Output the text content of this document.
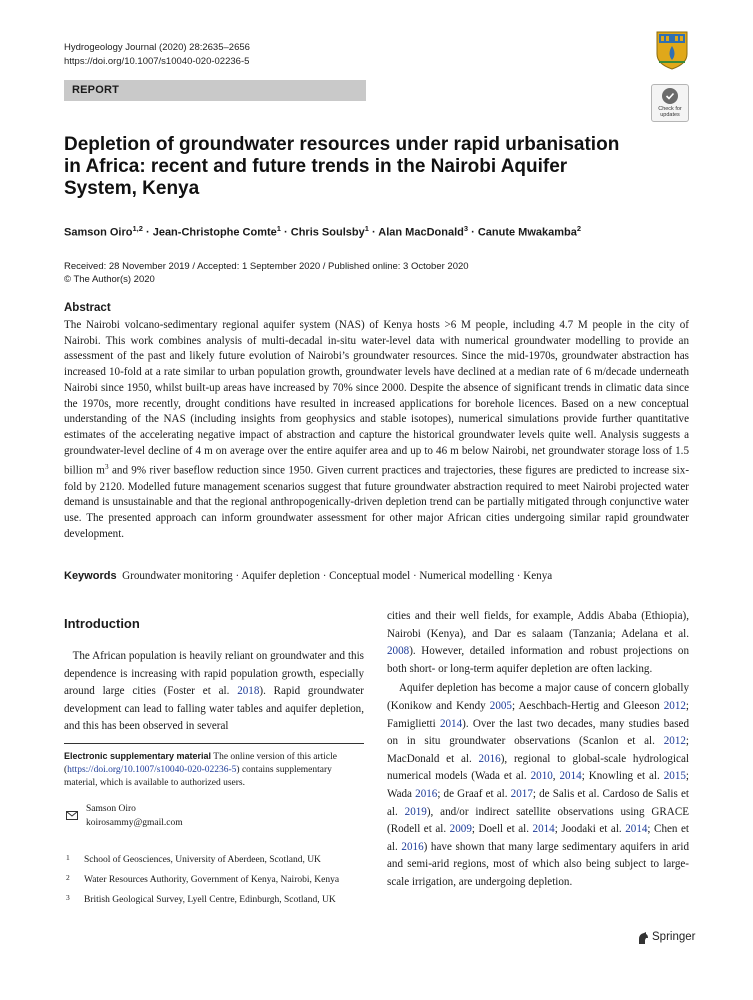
Hydrogeology Journal (2020) 28:2635–2656
https://doi.org/10.1007/s10040-020-02236-5
REPORT
Check for updates
Depletion of groundwater resources under rapid urbanisation in Africa: recent and future trends in the Nairobi Aquifer System, Kenya
Samson Oiro$^{1,2}$ · Jean-Christophe Comte$^1$ · Chris Soulsby$^1$ · Alan MacDonald$^3$ · Canute Mwakamba$^2$
Received: 28 November 2019 / Accepted: 1 September 2020 / Published online: 3 October 2020
© The Author(s) 2020
Abstract
The Nairobi volcano-sedimentary regional aquifer system (NAS) of Kenya hosts >6 M people, including 4.7 M people in the city of Nairobi. This work combines analysis of multi-decadal in-situ water-level data with numerical groundwater modelling to provide an assessment of the past and likely future evolution of Nairobi’s groundwater resources. Since the mid-1970s, groundwater abstraction has increased 10-fold at a rate similar to urban population growth, groundwater levels have declined at a median rate of 6 m/decade underneath Nairobi since 1950, whilst built-up areas have increased by 70% since 2000. Despite the absence of significant trends in climatic data since the 1970s, more recently, drought conditions have resulted in increased applications for borehole licences. Based on a new conceptual understanding of the NAS (including insights from geophysics and stable isotopes), numerical simulations provide further quantitative estimates of the accelerating negative impact of abstraction and capture the historical groundwater levels quite well. Analysis suggests a groundwater-level decline of 4 m on average over the entire aquifer area and up to 46 m below Nairobi, net groundwater storage loss of 1.5 billion $m^3$ and 9% river baseflow reduction since 1950. Given current practices and trajectories, these figures are predicted to increase six-fold by 2120. Modelled future management scenarios suggest that future groundwater abstraction required to meet Nairobi projected water demand is unsustainable and that the regional anthropogenically-driven depletion trend can be partially mitigated through conjunctive water use. The presented approach can inform groundwater assessment for other major African cities undergoing similar rapid groundwater development.
Keywords Groundwater monitoring · Aquifer depletion · Conceptual model · Numerical modelling · Kenya
Introduction
The African population is heavily reliant on groundwater and this dependence is increasing with rapid population growth, especially around large cities (Foster et al. 2018). Rapid groundwater development can lead to falling water tables and aquifer depletion, and this has been observed in several
Electronic supplementary material The online version of this article (https://doi.org/10.1007/s10040-020-02236-5) contains supplementary material, which is available to authorized users.
Samson Oiro
koirosammy@gmail.com
1 School of Geosciences, University of Aberdeen, Scotland, UK
2 Water Resources Authority, Government of Kenya, Nairobi, Kenya
3 British Geological Survey, Lyell Centre, Edinburgh, Scotland, UK

cities and their well fields, for example, Addis Ababa (Ethiopia), Nairobi (Kenya), and Dar es salaam (Tanzania; Adelana et al. 2008). However, detailed information and robust projections on both short- or long-term aquifer depletion are often lacking.

Aquifer depletion has become a major cause of concern globally (Konikow and Kendy 2005; Aeschbach-Hertig and Gleeson 2012; Famiglietti 2014). Over the last two decades, many studies based on in situ groundwater observations (Scanlon et al. 2012; MacDonald et al. 2016), regional to global-scale hydrological numerical models (Wada et al. 2010, 2014; Knowling et al. 2015; Wada 2016; de Graaf et al. 2017; de Salis et al. Cardoso de Salis et al. 2019), and/or indirect satellite observations using GRACE (Rodell et al. 2009; Doell et al. 2014; Joodaki et al. 2014; Chen et al. 2016) have shown that many large sedimentary aquifers in arid and semi-arid regions, most of which also being subject to large-scale irrigation, are undergoing depletion.

Springer
